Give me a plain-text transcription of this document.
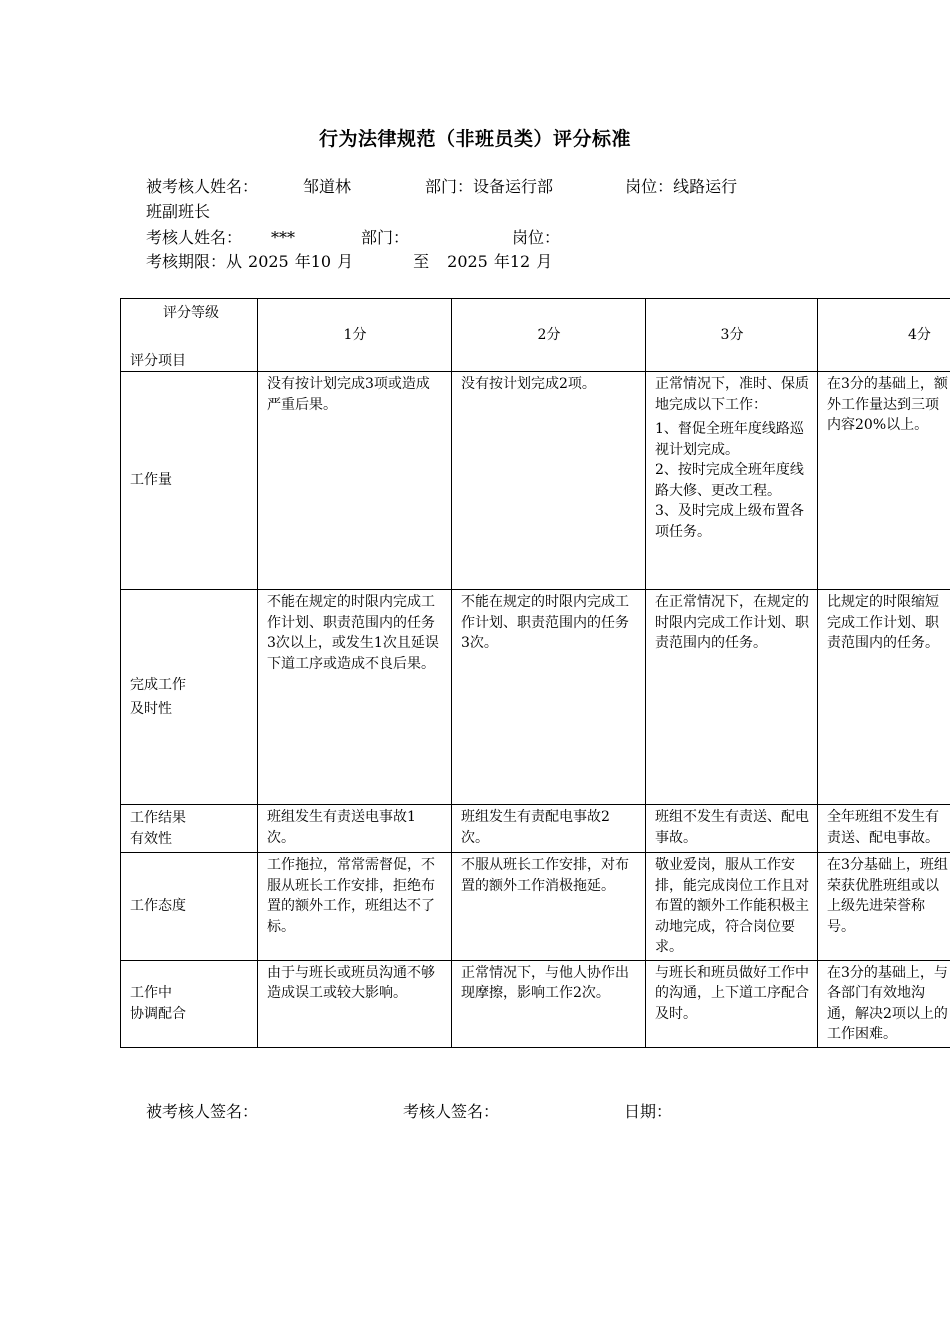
行为法律规范（非班员类）评分标准
被考核人姓名：	邹道林	部门：设备运行部	岗位：线路运行
班副班长
考核人姓名： ***	部门：	岗位：
考核期限：从 2025 年10 月	至 2025 年12 月
评分等级
评分项目	1分	2分	3分	4分
工作量	没有按计划完成3项或造成严重后果。	没有按计划完成2项。	正常情况下，准时、保质地完成以下工作：
1、督促全班年度线路巡视计划完成。
2、按时完成全班年度线路大修、更改工程。
3、及时完成上级布置各项任务。	在3分的基础上，额外工作量达到三项内容20%以上。

完成工作
及时性	不能在规定的时限内完成工作计划、职责范围内的任务3次以上，或发生1次且延误下道工序或造成不良后果。	不能在规定的时限内完成工作计划、职责范围内的任务3次。	在正常情况下，在规定的时限内完成工作计划、职责范围内的任务。	比规定的时限缩短完成工作计划、职责范围内的任务。

工作结果
有效性	班组发生有责送电事故1次。	班组发生有责配电事故2次。	班组不发生有责送、配电事故。	全年班组不发生有责送、配电事故。
工作态度	工作拖拉，常常需督促，不服从班长工作安排，拒绝布置的额外工作，班组达不了标。	不服从班长工作安排，对布置的额外工作消极拖延。	敬业爱岗，服从工作安排，能完成岗位工作且对布置的额外工作能积极主动地完成，符合岗位要求。	在3分基础上，班组荣获优胜班组或以上级先进荣誉称号。

工作中
协调配合	由于与班长或班员沟通不够造成误工或较大影响。	正常情况下，与他人协作出现摩擦，影响工作2次。	与班长和班员做好工作中的沟通，上下道工序配合及时。	在3分的基础上，与各部门有效地沟通，解决2项以上的工作困难。
被考核人签名：	考核人签名：	日期：
